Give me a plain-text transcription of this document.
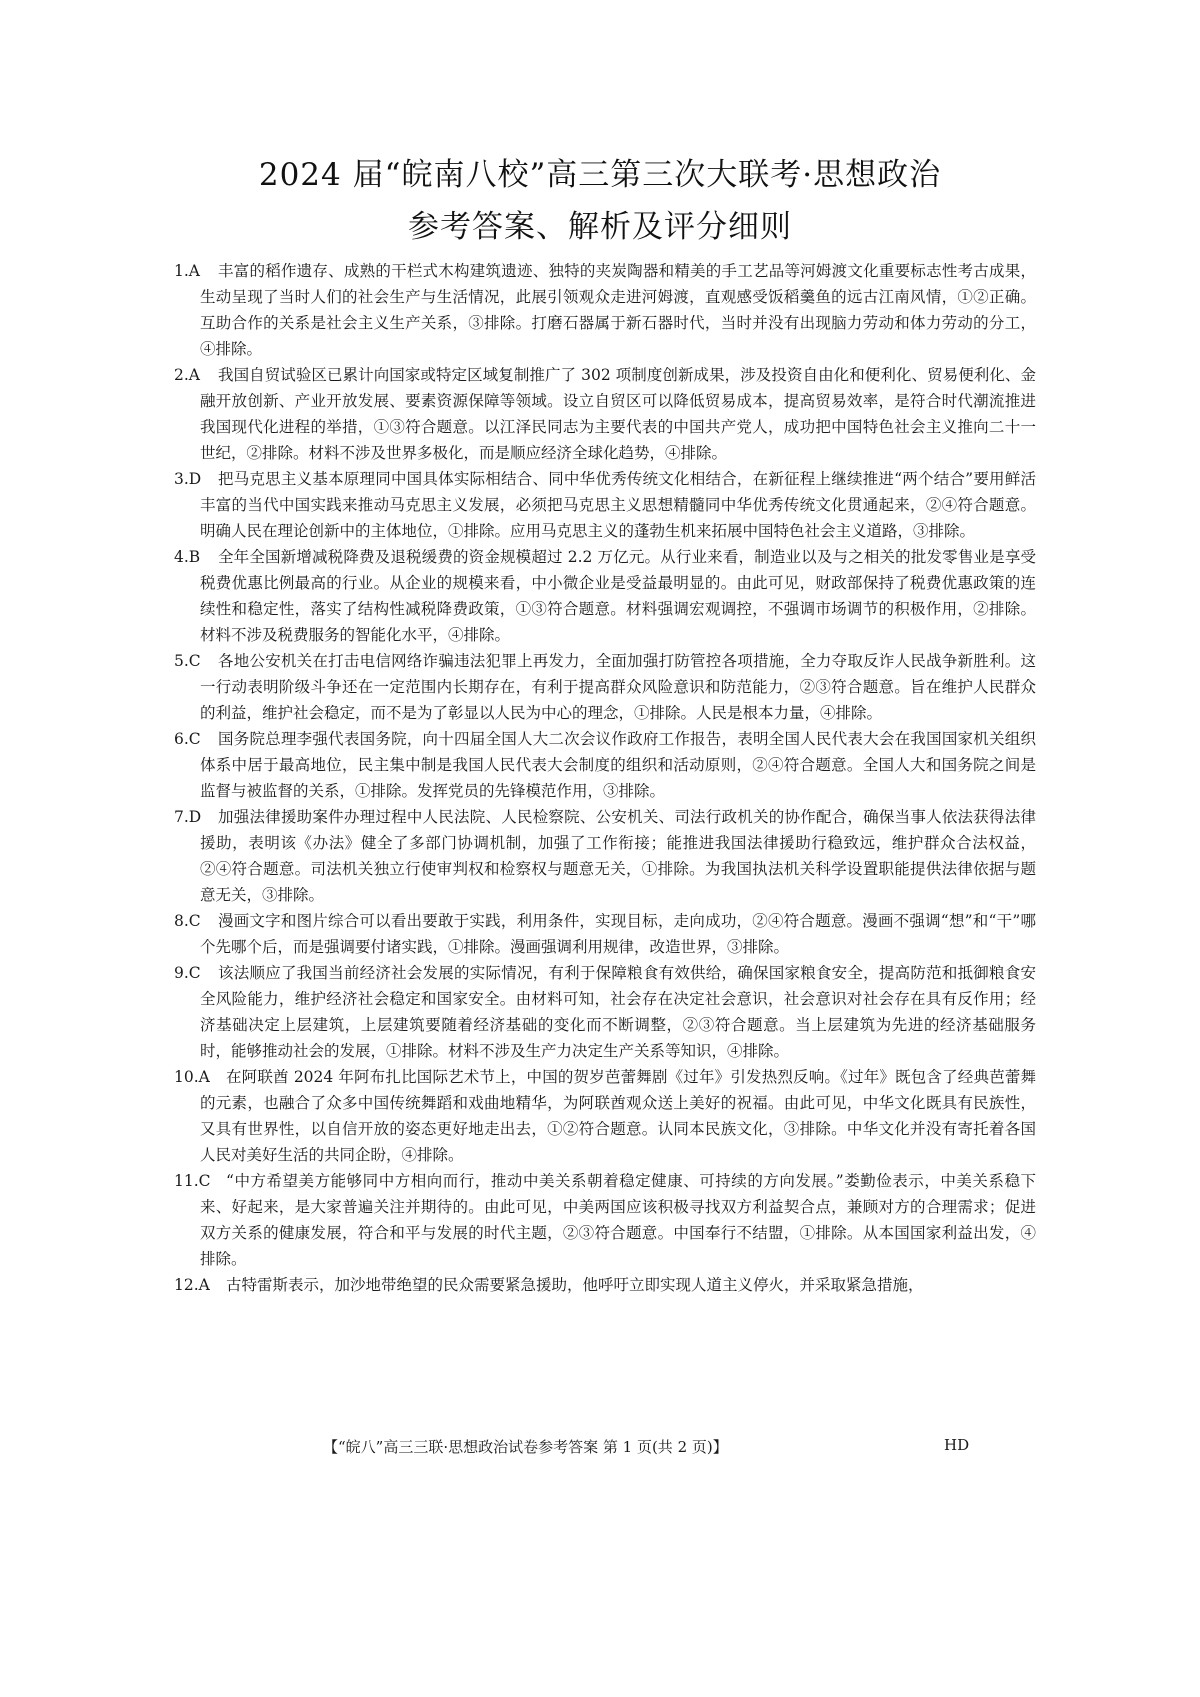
2024 届“皖南八校”高三第三次大联考·思想政治
参考答案、解析及评分细则
1.A	丰富的稻作遗存、成熟的干栏式木构建筑遗迹、独特的夹炭陶器和精美的手工艺品等河姆渡文化重要标志性考古成果，生动呈现了当时人们的社会生产与生活情况，此展引领观众走进河姆渡，直观感受饭稻羹鱼的远古江南风情，①②正确。互助合作的关系是社会主义生产关系，③排除。打磨石器属于新石器时代，当时并没有出现脑力劳动和体力劳动的分工，④排除。
2.A	我国自贸试验区已累计向国家或特定区域复制推广了 302 项制度创新成果，涉及投资自由化和便利化、贸易便利化、金融开放创新、产业开放发展、要素资源保障等领域。设立自贸区可以降低贸易成本，提高贸易效率，是符合时代潮流推进我国现代化进程的举措，①③符合题意。以江泽民同志为主要代表的中国共产党人，成功把中国特色社会主义推向二十一世纪，②排除。材料不涉及世界多极化，而是顺应经济全球化趋势，④排除。
3.D	把马克思主义基本原理同中国具体实际相结合、同中华优秀传统文化相结合，在新征程上继续推进“两个结合”要用鲜活丰富的当代中国实践来推动马克思主义发展，必须把马克思主义思想精髓同中华优秀传统文化贯通起来，②④符合题意。明确人民在理论创新中的主体地位，①排除。应用马克思主义的蓬勃生机来拓展中国特色社会主义道路，③排除。
4.B	全年全国新增减税降费及退税缓费的资金规模超过 2.2 万亿元。从行业来看，制造业以及与之相关的批发零售业是享受税费优惠比例最高的行业。从企业的规模来看，中小微企业是受益最明显的。由此可见，财政部保持了税费优惠政策的连续性和稳定性，落实了结构性减税降费政策，①③符合题意。材料强调宏观调控，不强调市场调节的积极作用，②排除。材料不涉及税费服务的智能化水平，④排除。
5.C	各地公安机关在打击电信网络诈骗违法犯罪上再发力，全面加强打防管控各项措施，全力夺取反诈人民战争新胜利。这一行动表明阶级斗争还在一定范围内长期存在，有利于提高群众风险意识和防范能力，②③符合题意。旨在维护人民群众的利益，维护社会稳定，而不是为了彰显以人民为中心的理念，①排除。人民是根本力量，④排除。
6.C	国务院总理李强代表国务院，向十四届全国人大二次会议作政府工作报告，表明全国人民代表大会在我国国家机关组织体系中居于最高地位，民主集中制是我国人民代表大会制度的组织和活动原则，②④符合题意。全国人大和国务院之间是监督与被监督的关系，①排除。发挥党员的先锋模范作用，③排除。
7.D	加强法律援助案件办理过程中人民法院、人民检察院、公安机关、司法行政机关的协作配合，确保当事人依法获得法律援助，表明该《办法》健全了多部门协调机制，加强了工作衔接；能推进我国法律援助行稳致远，维护群众合法权益，②④符合题意。司法机关独立行使审判权和检察权与题意无关，①排除。为我国执法机关科学设置职能提供法律依据与题意无关，③排除。
8.C	漫画文字和图片综合可以看出要敢于实践，利用条件，实现目标，走向成功，②④符合题意。漫画不强调“想”和“干”哪个先哪个后，而是强调要付诸实践，①排除。漫画强调利用规律，改造世界，③排除。
9.C	该法顺应了我国当前经济社会发展的实际情况，有利于保障粮食有效供给，确保国家粮食安全，提高防范和抵御粮食安全风险能力，维护经济社会稳定和国家安全。由材料可知，社会存在决定社会意识，社会意识对社会存在具有反作用；经济基础决定上层建筑，上层建筑要随着经济基础的变化而不断调整，②③符合题意。当上层建筑为先进的经济基础服务时，能够推动社会的发展，①排除。材料不涉及生产力决定生产关系等知识，④排除。
10.A	在阿联酋 2024 年阿布扎比国际艺术节上，中国的贺岁芭蕾舞剧《过年》引发热烈反响。《过年》既包含了经典芭蕾舞的元素，也融合了众多中国传统舞蹈和戏曲地精华，为阿联酋观众送上美好的祝福。由此可见，中华文化既具有民族性，又具有世界性，以自信开放的姿态更好地走出去，①②符合题意。认同本民族文化，③排除。中华文化并没有寄托着各国人民对美好生活的共同企盼，④排除。
11.C “中方希望美方能够同中方相向而行，推动中美关系朝着稳定健康、可持续的方向发展。”娄勤俭表示，中美关系稳下来、好起来，是大家普遍关注并期待的。由此可见，中美两国应该积极寻找双方利益契合点，兼顾对方的合理需求；促进双方关系的健康发展，符合和平与发展的时代主题，②③符合题意。中国奉行不结盟，①排除。从本国国家利益出发，④排除。
12.A	古特雷斯表示，加沙地带绝望的民众需要紧急援助，他呼吁立即实现人道主义停火，并采取紧急措施，
【“皖八”高三三联·思想政治试卷参考答案 第 1 页(共 2 页)】	HD
